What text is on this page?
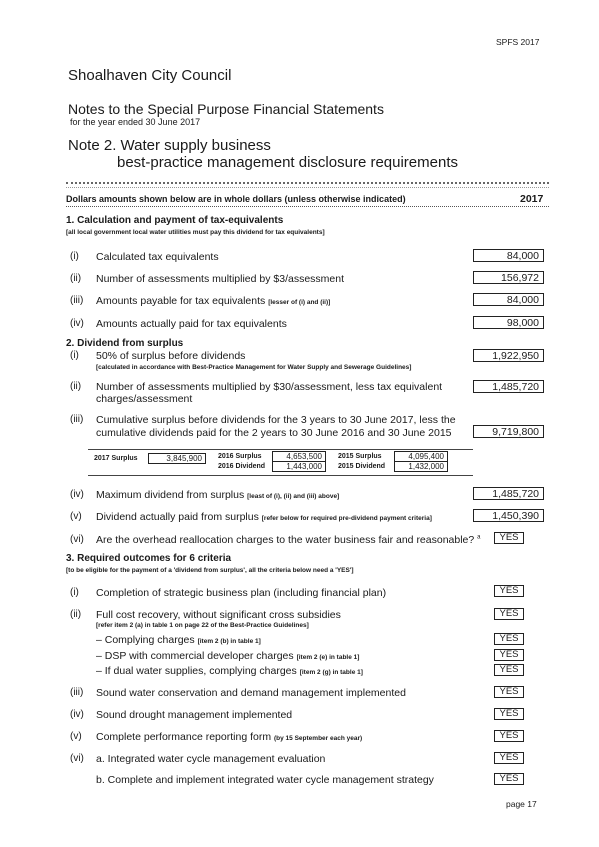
SPFS 2017
Shoalhaven City Council
Notes to the Special Purpose Financial Statements
for the year ended 30 June 2017
Note 2. Water supply business
best-practice management disclosure requirements
Dollars amounts shown below are in whole dollars (unless otherwise indicated)	2017
1. Calculation and payment of tax-equivalents
[all local government local water utilities must pay this dividend for tax equivalents]
(i) Calculated tax equivalents	84,000
(ii) Number of assessments multiplied by $3/assessment	156,972
(iii) Amounts payable for tax equivalents [lesser of (i) and (ii)]	84,000
(iv) Amounts actually paid for tax equivalents	98,000
2. Dividend from surplus
(i) 50% of surplus before dividends
[calculated in accordance with Best-Practice Management for Water Supply and Sewerage Guidelines]
1,922,950
(ii) Number of assessments multiplied by $30/assessment, less tax equivalent
charges/assessment
1,485,720
(iii) Cumulative surplus before dividends for the 3 years to 30 June 2017, less the
cumulative dividends paid for the 2 years to 30 June 2016 and 30 June 2015	9,719,800
2017 Surplus	3,845,900	2016 Surplus	4,653,500
2016 Dividend	1,443,000
2015 Surplus	4,095,400
2015 Dividend	1,432,000
(iv) Maximum dividend from surplus [least of (i), (ii) and (iii) above]	1,485,720
(v) Dividend actually paid from surplus [refer below for required pre-dividend payment criteria]	1,450,390
(vi) Are the overhead reallocation charges to the water business fair and reasonable? $^a$	YES
3. Required outcomes for 6 criteria
[to be eligible for the payment of a 'dividend from surplus', all the criteria below need a 'YES']
(i) Completion of strategic business plan (including financial plan)	YES
(ii) Full cost recovery, without significant cross subsidies
[refer item 2 (a) in table 1 on page 22 of the Best-Practice Guidelines]
YES
– Complying charges [item 2 (b) in table 1]	YES
– DSP with commercial developer charges [item 2 (e) in table 1]	YES
– If dual water supplies, complying charges [item 2 (g) in table 1]	YES
(iii) Sound water conservation and demand management implemented	YES
(iv) Sound drought management implemented	YES
(v) Complete performance reporting form (by 15 September each year)	YES
(vi) a. Integrated water cycle management evaluation	YES
b. Complete and implement integrated water cycle management strategy	YES
page 17
